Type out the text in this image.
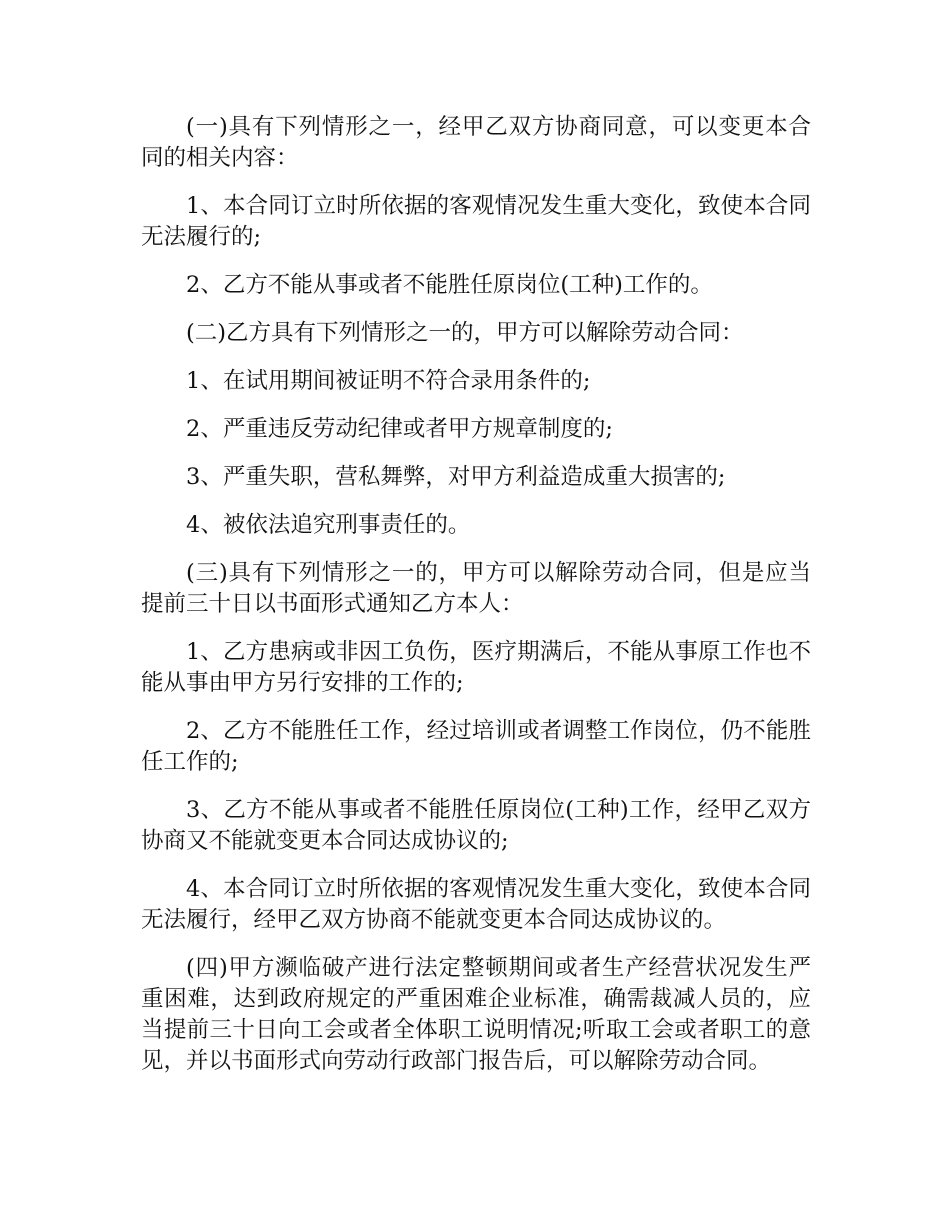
(一)具有下列情形之一，经甲乙双方协商同意，可以变更本合同的相关内容：

1、本合同订立时所依据的客观情况发生重大变化，致使本合同无法履行的;

2、乙方不能从事或者不能胜任原岗位(工种)工作的。

(二)乙方具有下列情形之一的，甲方可以解除劳动合同：

1、在试用期间被证明不符合录用条件的;

2、严重违反劳动纪律或者甲方规章制度的;

3、严重失职，营私舞弊，对甲方利益造成重大损害的;

4、被依法追究刑事责任的。

(三)具有下列情形之一的，甲方可以解除劳动合同，但是应当提前三十日以书面形式通知乙方本人：

1、乙方患病或非因工负伤，医疗期满后，不能从事原工作也不能从事由甲方另行安排的工作的;

2、乙方不能胜任工作，经过培训或者调整工作岗位，仍不能胜任工作的;

3、乙方不能从事或者不能胜任原岗位(工种)工作，经甲乙双方协商又不能就变更本合同达成协议的;

4、本合同订立时所依据的客观情况发生重大变化，致使本合同无法履行，经甲乙双方协商不能就变更本合同达成协议的。

(四)甲方濒临破产进行法定整顿期间或者生产经营状况发生严重困难，达到政府规定的严重困难企业标准，确需裁减人员的，应当提前三十日向工会或者全体职工说明情况;听取工会或者职工的意见，并以书面形式向劳动行政部门报告后，可以解除劳动合同。
